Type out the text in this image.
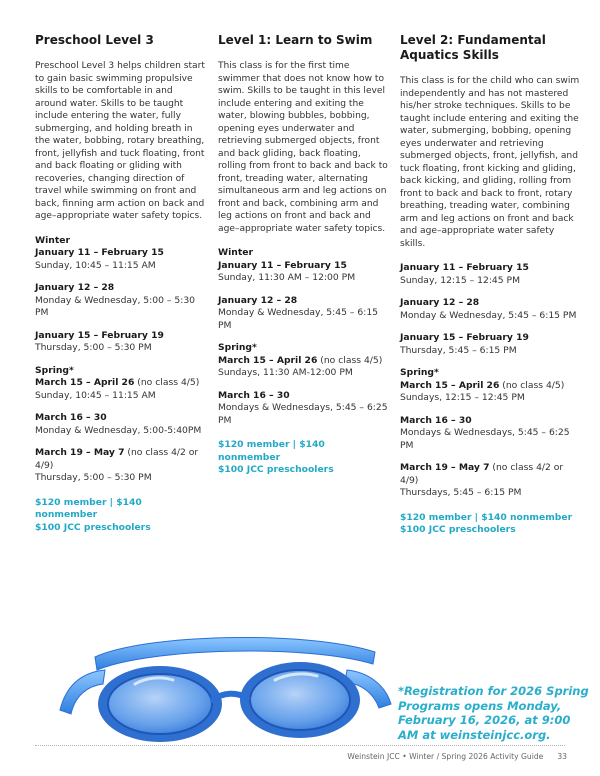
Preschool Level 3

Preschool Level 3 helps children start to gain basic swimming propulsive skills to be comfortable in and around water. Skills to be taught include entering the water, fully submerging, and holding breath in the water, bobbing, rotary breathing, front, jellyfish and tuck floating, front and back floating or gliding with recoveries, changing direction of travel while swimming on front and back, finning arm action on back and age–appropriate water safety topics.

Winter
January 11 – February 15
Sunday, 10:45 – 11:15 AM
January 12 – 28
Monday & Wednesday, 5:00 – 5:30 PM
January 15 – February 19
Thursday, 5:00 – 5:30 PM
Spring*
March 15 – April 26 (no class 4/5)
Sunday, 10:45 – 11:15 AM
March 16 – 30
Monday & Wednesday, 5:00-5:40PM
March 19 – May 7 (no class 4/2 or 4/9)
Thursday, 5:00 – 5:30 PM
$120 member | $140 nonmember
$100 JCC preschoolers
Level 1: Learn to Swim

This class is for the first time swimmer that does not know how to swim. Skills to be taught in this level include entering and exiting the water, blowing bubbles, bobbing, opening eyes underwater and retrieving submerged objects, front and back gliding, back floating, rolling from front to back and back to front, treading water, alternating simultaneous arm and leg actions on front and back, combining arm and leg actions on front and back and age–appropriate water safety topics.

Winter
January 11 – February 15
Sunday, 11:30 AM – 12:00 PM
January 12 – 28
Monday & Wednesday, 5:45 – 6:15 PM
Spring*
March 15 – April 26 (no class 4/5)
Sundays, 11:30 AM-12:00 PM
March 16 – 30
Mondays & Wednesdays, 5:45 – 6:25 PM
$120 member | $140 nonmember
$100 JCC preschoolers
Level 2: Fundamental Aquatics Skills

This class is for the child who can swim independently and has not mastered his/her stroke techniques. Skills to be taught include entering and exiting the water, submerging, bobbing, opening eyes underwater and retrieving submerged objects, front, jellyfish, and tuck floating, front kicking and gliding, back kicking, and gliding, rolling from front to back and back to front, rotary breathing, treading water, combining arm and leg actions on front and back and age–appropriate water safety skills.

January 11 – February 15
Sunday, 12:15 – 12:45 PM
January 12 – 28
Monday & Wednesday, 5:45 – 6:15 PM
January 15 – February 19
Thursday, 5:45 – 6:15 PM
Spring*
March 15 – April 26 (no class 4/5)
Sundays, 12:15 – 12:45 PM
March 16 – 30
Mondays & Wednesdays, 5:45 – 6:25 PM
March 19 – May 7 (no class 4/2 or 4/9)
Thursdays, 5:45 – 6:15 PM
$120 member | $140 nonmember
$100 JCC preschoolers
*Registration for 2026 Spring Programs opens Monday, February 16, 2026, at 9:00 AM at weinsteinjcc.org.
Weinstein JCC • Winter / Spring 2026 Activity Guide 33
